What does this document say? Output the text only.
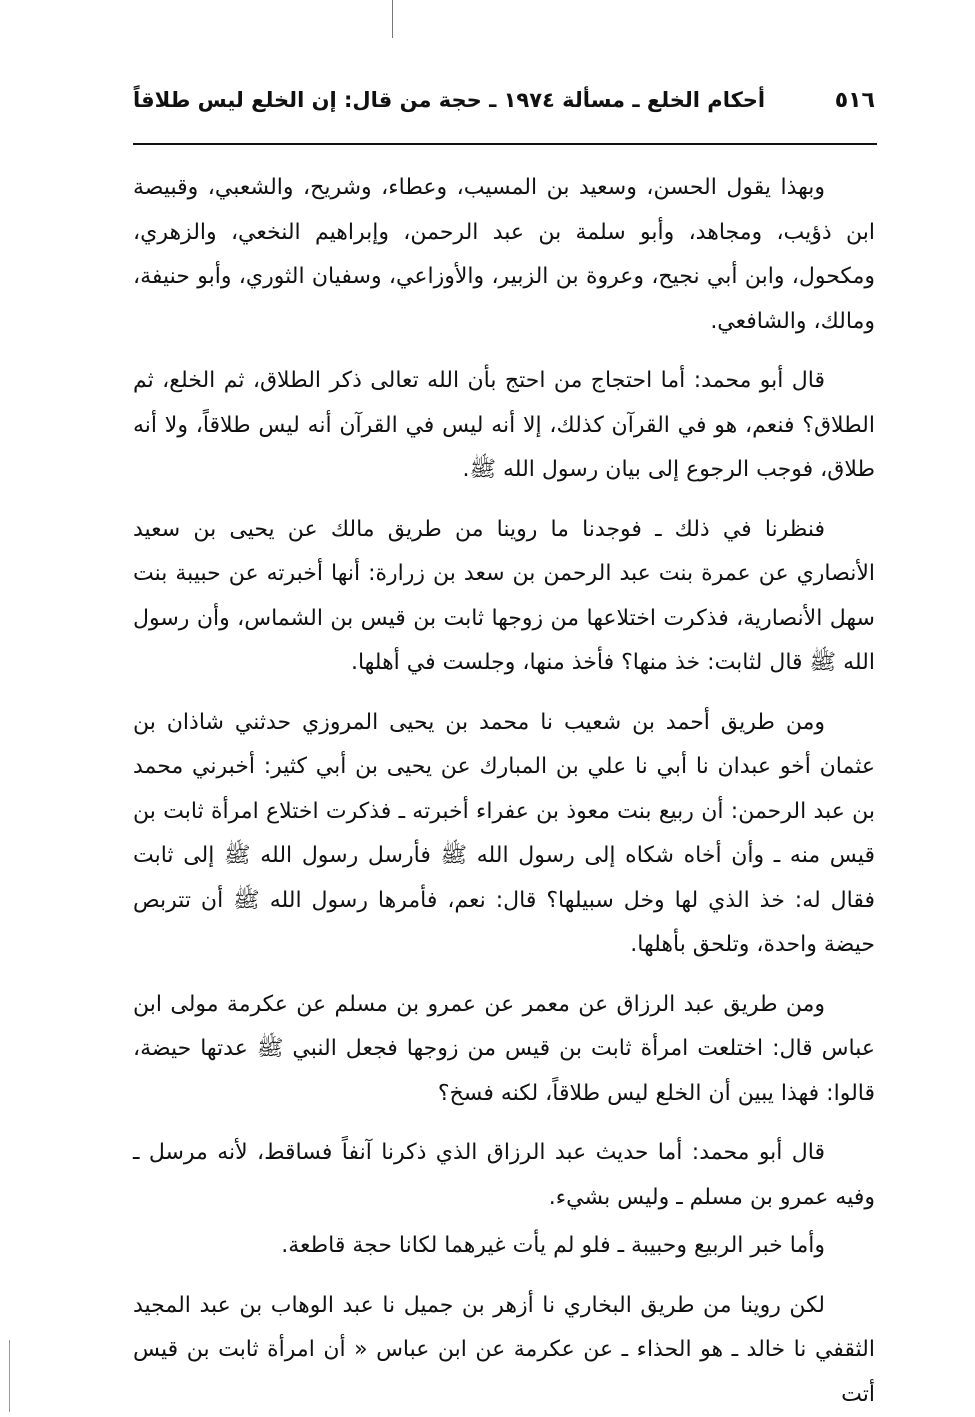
٥١٦
أحكام الخلع ـ مسألة ١٩٧٤ ـ حجة من قال: إن الخلع ليس طلاقاً

وبهذا يقول الحسن، وسعيد بن المسيب، وعطاء، وشريح، والشعبي، وقبيصة ابن ذؤيب، ومجاهد، وأبو سلمة بن عبد الرحمن، وإبراهيم النخعي، والزهري، ومكحول، وابن أبي نجيح، وعروة بن الزبير، والأوزاعي، وسفيان الثوري، وأبو حنيفة، ومالك، والشافعي.

قال أبو محمد: أما احتجاج من احتج بأن الله تعالى ذكر الطلاق، ثم الخلع، ثم الطلاق؟ فنعم، هو في القرآن كذلك، إلا أنه ليس في القرآن أنه ليس طلاقاً، ولا أنه طلاق، فوجب الرجوع إلى بيان رسول الله ﷺ.

فنظرنا في ذلك ـ فوجدنا ما روينا من طريق مالك عن يحيى بن سعيد الأنصاري عن عمرة بنت عبد الرحمن بن سعد بن زرارة: أنها أخبرته عن حبيبة بنت سهل الأنصارية، فذكرت اختلاعها من زوجها ثابت بن قيس بن الشماس، وأن رسول الله ﷺ قال لثابت: خذ منها؟ فأخذ منها، وجلست في أهلها.

ومن طريق أحمد بن شعيب نا محمد بن يحيى المروزي حدثني شاذان بن عثمان أخو عبدان نا أبي نا علي بن المبارك عن يحيى بن أبي كثير: أخبرني محمد بن عبد الرحمن: أن ربيع بنت معوذ بن عفراء أخبرته ـ فذكرت اختلاع امرأة ثابت بن قيس منه ـ وأن أخاه شكاه إلى رسول الله ﷺ فأرسل رسول الله ﷺ إلى ثابت فقال له: خذ الذي لها وخل سبيلها؟ قال: نعم، فأمرها رسول الله ﷺ أن تتربص حيضة واحدة، وتلحق بأهلها.

ومن طريق عبد الرزاق عن معمر عن عمرو بن مسلم عن عكرمة مولى ابن عباس قال: اختلعت امرأة ثابت بن قيس من زوجها فجعل النبي ﷺ عدتها حيضة، قالوا: فهذا يبين أن الخلع ليس طلاقاً، لكنه فسخ؟

قال أبو محمد: أما حديث عبد الرزاق الذي ذكرنا آنفاً فساقط، لأنه مرسل ـ وفيه عمرو بن مسلم ـ وليس بشيء.

وأما خبر الربيع وحبيبة ـ فلو لم يأت غيرهما لكانا حجة قاطعة.

لكن روينا من طريق البخاري نا أزهر بن جميل نا عبد الوهاب بن عبد المجيد الثقفي نا خالد ـ هو الحذاء ـ عن عكرمة عن ابن عباس « أن امرأة ثابت بن قيس أتت
